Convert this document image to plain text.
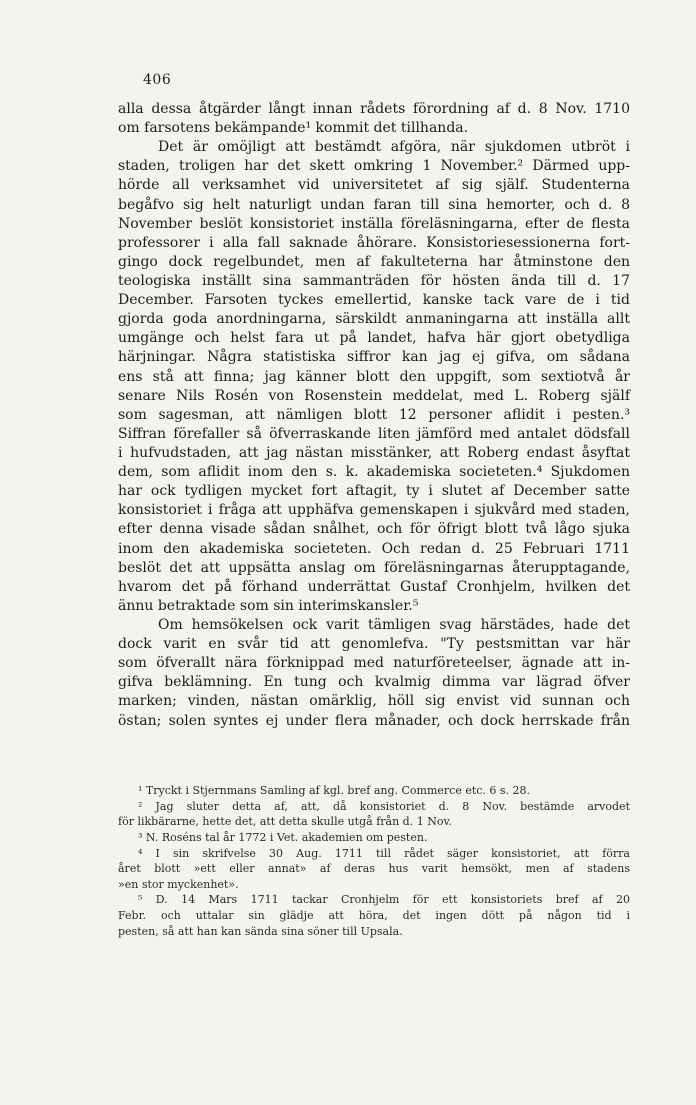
406
alla dessa åtgärder långt innan rådets förordning af d. 8 Nov. 1710
om farsotens bekämpande¹ kommit det tillhanda.
Det är omöjligt att bestämdt afgöra, när sjukdomen utbröt i
staden, troligen har det skett omkring 1 November.² Därmed upp-
hörde all verksamhet vid universitetet af sig själf. Studenterna
begåfvo sig helt naturligt undan faran till sina hemorter, och d. 8
November beslöt konsistoriet inställa föreläsningarna, efter de flesta
professorer i alla fall saknade åhörare. Konsistoriesessionerna fort-
gingo dock regelbundet, men af fakulteterna har åtminstone den
teologiska inställt sina sammanträden för hösten ända till d. 17
December. Farsoten tyckes emellertid, kanske tack vare de i tid
gjorda goda anordningarna, särskildt anmaningarna att inställa allt
umgänge och helst fara ut på landet, hafva här gjort obetydliga
härjningar. Några statistiska siffror kan jag ej gifva, om sådana
ens stå att finna; jag känner blott den uppgift, som sextiotvå år
senare Nils Rosén von Rosenstein meddelat, med L. Roberg själf
som sagesman, att nämligen blott 12 personer aflidit i pesten.³
Siffran förefaller så öfverraskande liten jämförd med antalet dödsfall
i hufvudstaden, att jag nästan misstänker, att Roberg endast åsyftat
dem, som aflidit inom den s. k. akademiska societeten.⁴ Sjukdomen
har ock tydligen mycket fort aftagit, ty i slutet af December satte
konsistoriet i fråga att upphäfva gemenskapen i sjukvård med staden,
efter denna visade sådan snålhet, och för öfrigt blott två lågo sjuka
inom den akademiska societeten. Och redan d. 25 Februari 1711
beslöt det att uppsätta anslag om föreläsningarnas återupptagande,
hvarom det på förhand underrättat Gustaf Cronhjelm, hvilken det
ännu betraktade som sin interimskansler.⁵
Om hemsökelsen ock varit tämligen svag härstädes, hade det
dock varit en svår tid att genomlefva. "Ty pestsmittan var här
som öfverallt nära förknippad med naturföreteelser, ägnade att in-
gifva beklämning. En tung och kvalmig dimma var lägrad öfver
marken; vinden, nästan omärklig, höll sig envist vid sunnan och
östan; solen syntes ej under flera månader, och dock herrskade från
¹ Tryckt i Stjernmans Samling af kgl. bref ang. Commerce etc. 6 s. 28.
² Jag sluter detta af, att, då konsistoriet d. 8 Nov. bestämde arvodet
för likbärarne, hette det, att detta skulle utgå från d. 1 Nov.
³ N. Roséns tal år 1772 i Vet. akademien om pesten.
⁴ I sin skrifvelse 30 Aug. 1711 till rådet säger konsistoriet, att förra
året blott »ett eller annat» af deras hus varit hemsökt, men af stadens
»en stor myckenhet».
⁵ D. 14 Mars 1711 tackar Cronhjelm för ett konsistoriets bref af 20
Febr. och uttalar sin glädje att höra, det ingen dött på någon tid i
pesten, så att han kan sända sina söner till Upsala.
